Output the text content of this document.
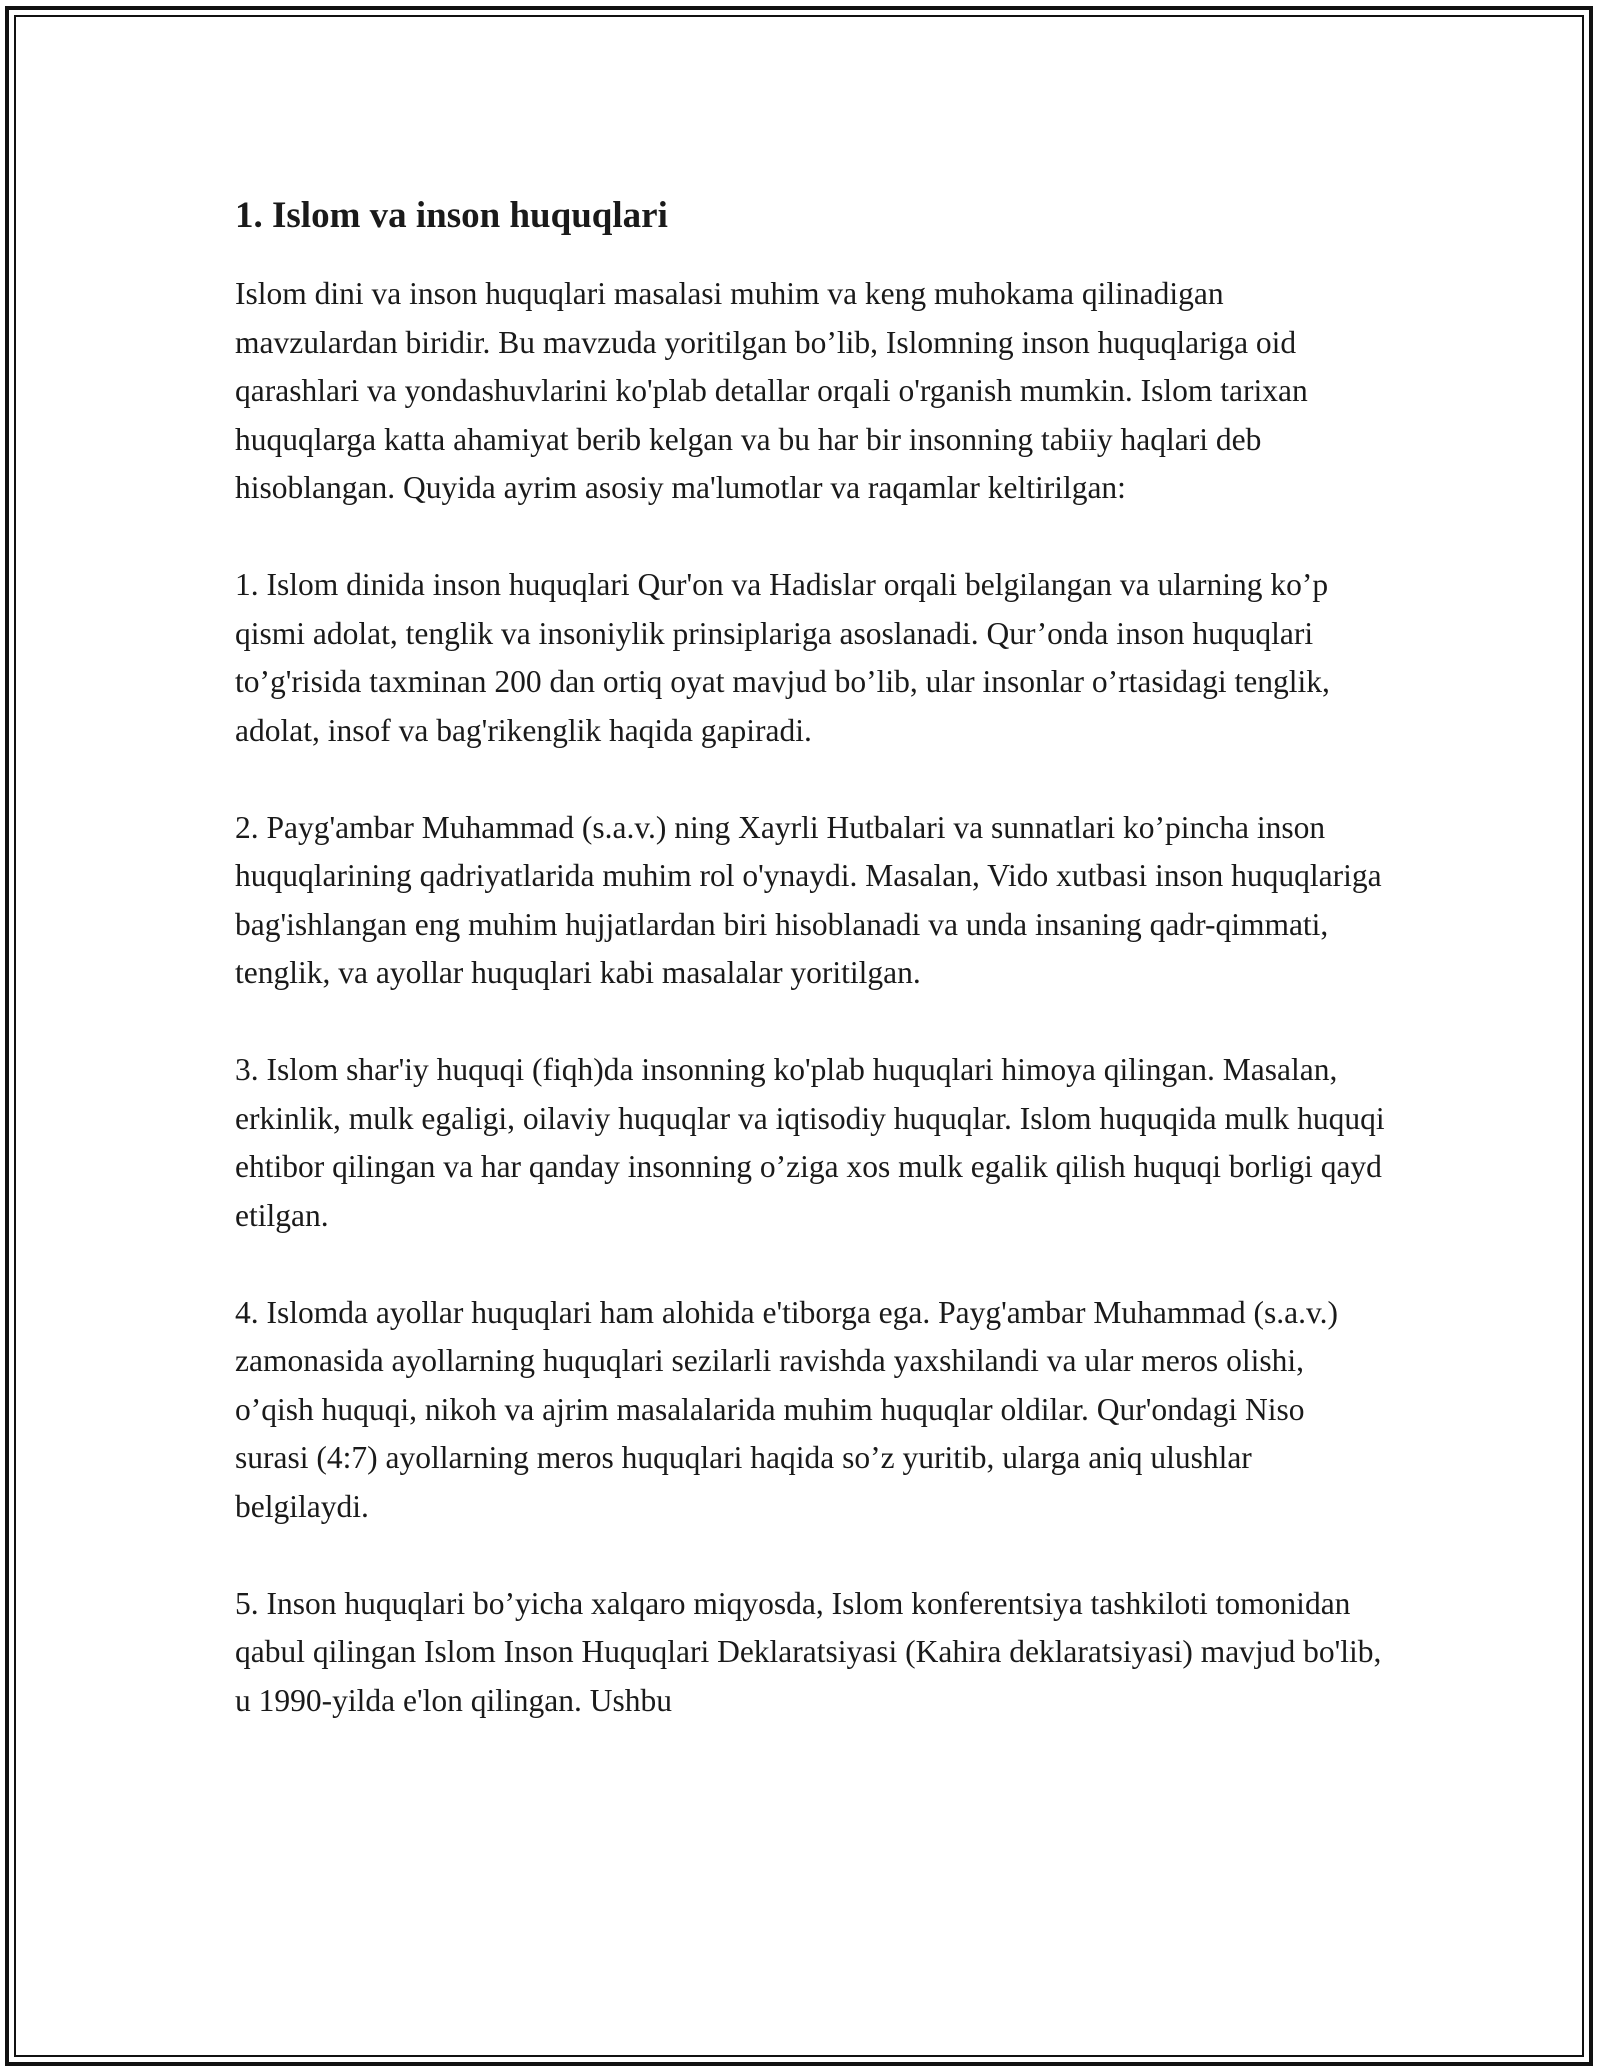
1. Islom va inson huquqlari

Islom dini va inson huquqlari masalasi muhim va keng muhokama qilinadigan mavzulardan biridir. Bu mavzuda yoritilgan bo’lib, Islomning inson huquqlariga oid qarashlari va yondashuvlarini ko'plab detallar orqali o'rganish mumkin. Islom tarixan huquqlarga katta ahamiyat berib kelgan va bu har bir insonning tabiiy haqlari deb hisoblangan. Quyida ayrim asosiy ma'lumotlar va raqamlar keltirilgan:

1. Islom dinida inson huquqlari Qur'on va Hadislar orqali belgilangan va ularning ko’p qismi adolat, tenglik va insoniylik prinsiplariga asoslanadi. Qur’onda inson huquqlari to’g'risida taxminan 200 dan ortiq oyat mavjud bo’lib, ular insonlar o’rtasidagi tenglik, adolat, insof va bag'rikenglik haqida gapiradi.

2. Payg'ambar Muhammad (s.a.v.) ning Xayrli Hutbalari va sunnatlari ko’pincha inson huquqlarining qadriyatlarida muhim rol o'ynaydi. Masalan, Vido xutbasi inson huquqlariga bag'ishlangan eng muhim hujjatlardan biri hisoblanadi va unda insaning qadr-qimmati, tenglik, va ayollar huquqlari kabi masalalar yoritilgan.

3. Islom shar'iy huquqi (fiqh)da insonning ko'plab huquqlari himoya qilingan. Masalan, erkinlik, mulk egaligi, oilaviy huquqlar va iqtisodiy huquqlar. Islom huquqida mulk huquqi ehtibor qilingan va har qanday insonning o’ziga xos mulk egalik qilish huquqi borligi qayd etilgan.

4. Islomda ayollar huquqlari ham alohida e'tiborga ega. Payg'ambar Muhammad (s.a.v.) zamonasida ayollarning huquqlari sezilarli ravishda yaxshilandi va ular meros olishi, o’qish huquqi, nikoh va ajrim masalalarida muhim huquqlar oldilar. Qur'ondagi Niso surasi (4:7) ayollarning meros huquqlari haqida so’z yuritib, ularga aniq ulushlar belgilaydi.

5. Inson huquqlari bo’yicha xalqaro miqyosda, Islom konferentsiya tashkiloti tomonidan qabul qilingan Islom Inson Huquqlari Deklaratsiyasi (Kahira deklaratsiyasi) mavjud bo'lib, u 1990-yilda e'lon qilingan. Ushbu
